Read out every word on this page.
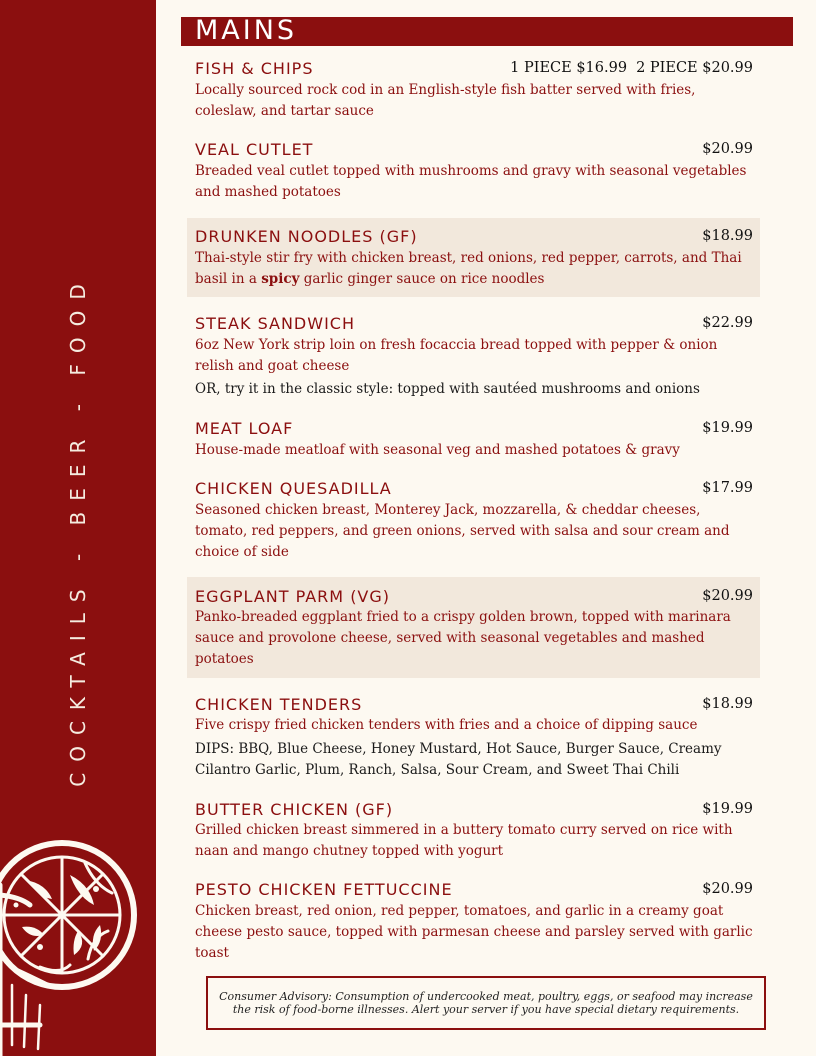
COCKTAILS - BEER - FOOD
MAINS
FISH & CHIPS	1 PIECE $16.99 2 PIECE $20.99
Locally sourced rock cod in an English-style fish batter served with fries, coleslaw, and tartar sauce
VEAL CUTLET	$20.99
Breaded veal cutlet topped with mushrooms and gravy with seasonal vegetables and mashed potatoes
DRUNKEN NOODLES (GF)	$18.99
Thai-style stir fry with chicken breast, red onions, red pepper, carrots, and Thai basil in a spicy garlic ginger sauce on rice noodles
STEAK SANDWICH	$22.99
6oz New York strip loin on fresh focaccia bread topped with pepper & onion relish and goat cheese
OR, try it in the classic style: topped with sautéed mushrooms and onions
MEAT LOAF	$19.99
House-made meatloaf with seasonal veg and mashed potatoes & gravy
CHICKEN QUESADILLA	$17.99
Seasoned chicken breast, Monterey Jack, mozzarella, & cheddar cheeses, tomato, red peppers, and green onions, served with salsa and sour cream and choice of side
EGGPLANT PARM (VG)	$20.99
Panko-breaded eggplant fried to a crispy golden brown, topped with marinara sauce and provolone cheese, served with seasonal vegetables and mashed potatoes
CHICKEN TENDERS	$18.99
Five crispy fried chicken tenders with fries and a choice of dipping sauce
DIPS: BBQ, Blue Cheese, Honey Mustard, Hot Sauce, Burger Sauce, Creamy Cilantro Garlic, Plum, Ranch, Salsa, Sour Cream, and Sweet Thai Chili
BUTTER CHICKEN (GF)	$19.99
Grilled chicken breast simmered in a buttery tomato curry served on rice with naan and mango chutney topped with yogurt
PESTO CHICKEN FETTUCCINE	$20.99
Chicken breast, red onion, red pepper, tomatoes, and garlic in a creamy goat cheese pesto sauce, topped with parmesan cheese and parsley served with garlic toast
Consumer Advisory: Consumption of undercooked meat, poultry, eggs, or seafood may increase the risk of food-borne illnesses. Alert your server if you have special dietary requirements.
